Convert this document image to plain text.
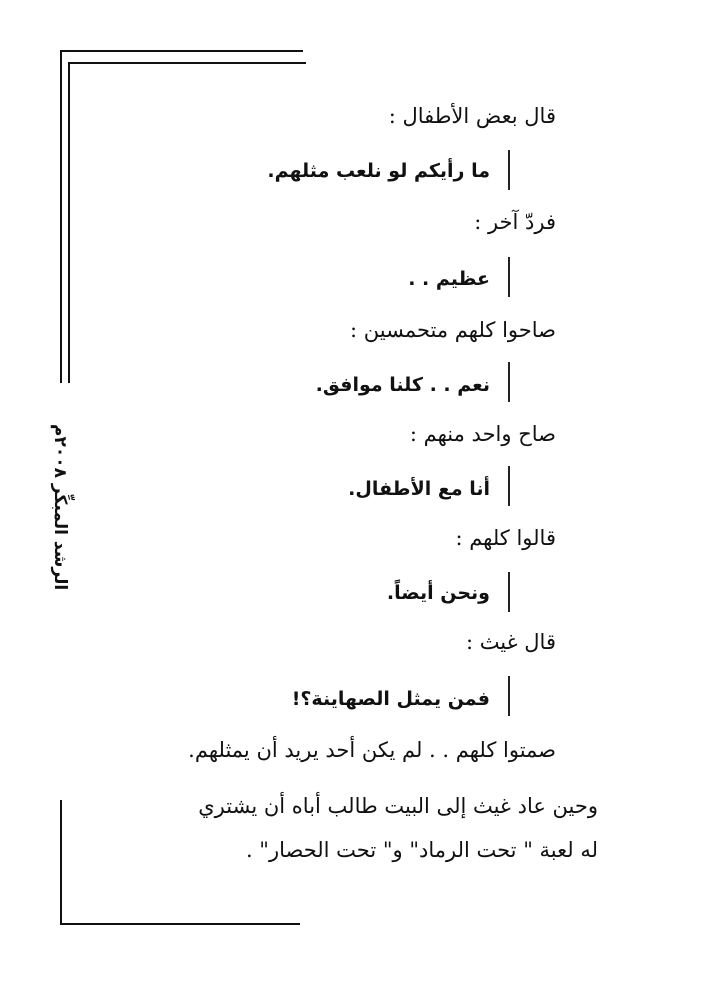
الرشد المبكِّر ٢٠٠٨م
قال بعض الأطفال :
ما رأيكم لو نلعب مثلهم.
فردّ آخر :
عظيم . .
صاحوا كلهم متحمسين :
نعم . . كلنا موافق.
صاح واحد منهم :
أنا مع الأطفال.
قالوا كلهم :
ونحن أيضاً.
قال غيث :
فمن يمثل الصهاينة؟!
صمتوا كلهم . . لم يكن أحد يريد أن يمثلهم.
وحين عاد غيث إلى البيت طالب أباه أن يشتري
له لعبة " تحت الرماد" و" تحت الحصار" .
